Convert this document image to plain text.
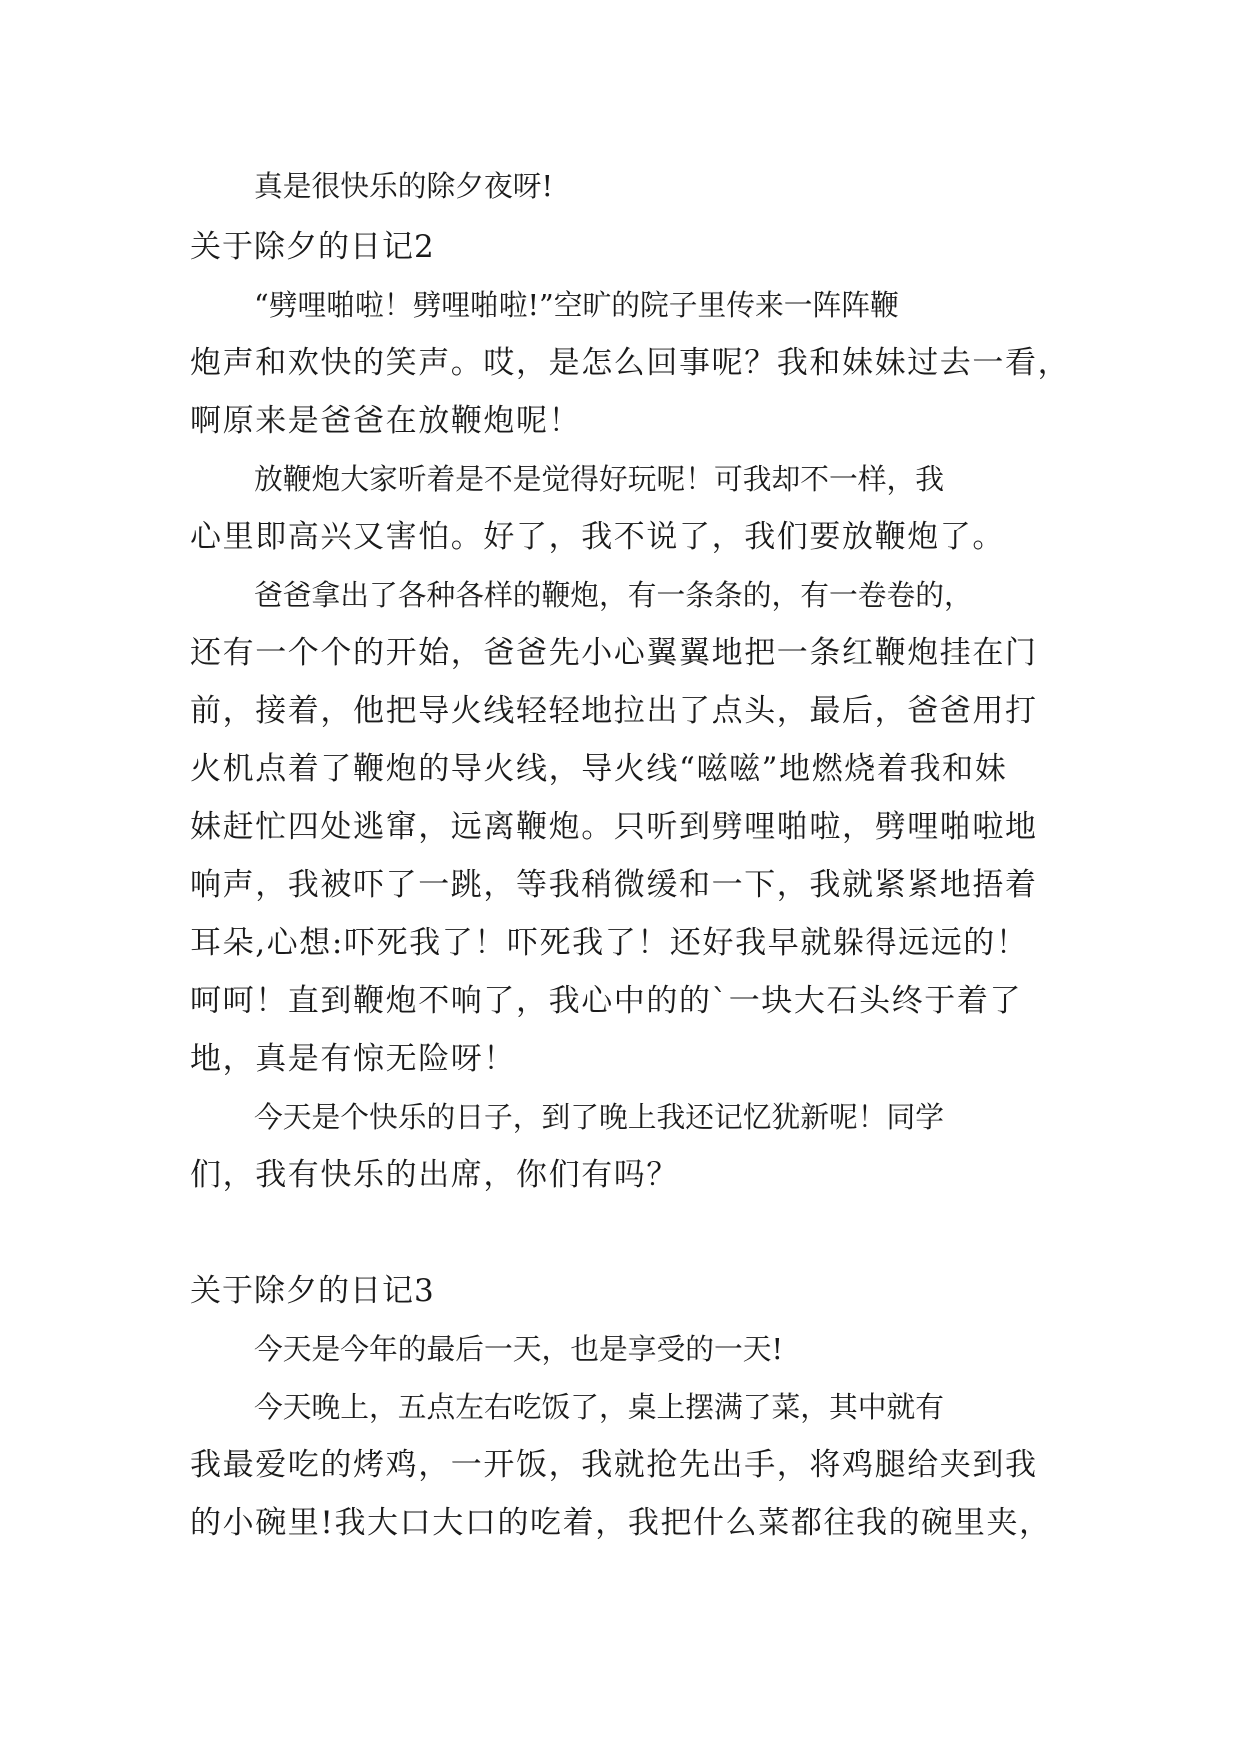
真是很快乐的除夕夜呀!
关于除夕的日记2
“劈哩啪啦！劈哩啪啦!”空旷的院子里传来一阵阵鞭
炮声和欢快的笑声。哎，是怎么回事呢？我和妹妹过去一看，
啊原来是爸爸在放鞭炮呢！
放鞭炮大家听着是不是觉得好玩呢！可我却不一样，我
心里即高兴又害怕。好了，我不说了，我们要放鞭炮了。
爸爸拿出了各种各样的鞭炮，有一条条的，有一卷卷的，
还有一个个的开始，爸爸先小心翼翼地把一条红鞭炮挂在门
前，接着，他把导火线轻轻地拉出了点头，最后，爸爸用打
火机点着了鞭炮的导火线，导火线“嗞嗞”地燃烧着我和妹
妹赶忙四处逃窜，远离鞭炮。只听到劈哩啪啦，劈哩啪啦地
响声，我被吓了一跳，等我稍微缓和一下，我就紧紧地捂着
耳朵,心想:吓死我了！吓死我了！还好我早就躲得远远的！
呵呵！直到鞭炮不响了，我心中的的`一块大石头终于着了
地，真是有惊无险呀！
今天是个快乐的日子，到了晚上我还记忆犹新呢！同学
们，我有快乐的出席，你们有吗？
关于除夕的日记3
今天是今年的最后一天，也是享受的一天!
今天晚上，五点左右吃饭了，桌上摆满了菜，其中就有
我最爱吃的烤鸡，一开饭，我就抢先出手，将鸡腿给夹到我
的小碗里!我大口大口的吃着，我把什么菜都往我的碗里夹，
